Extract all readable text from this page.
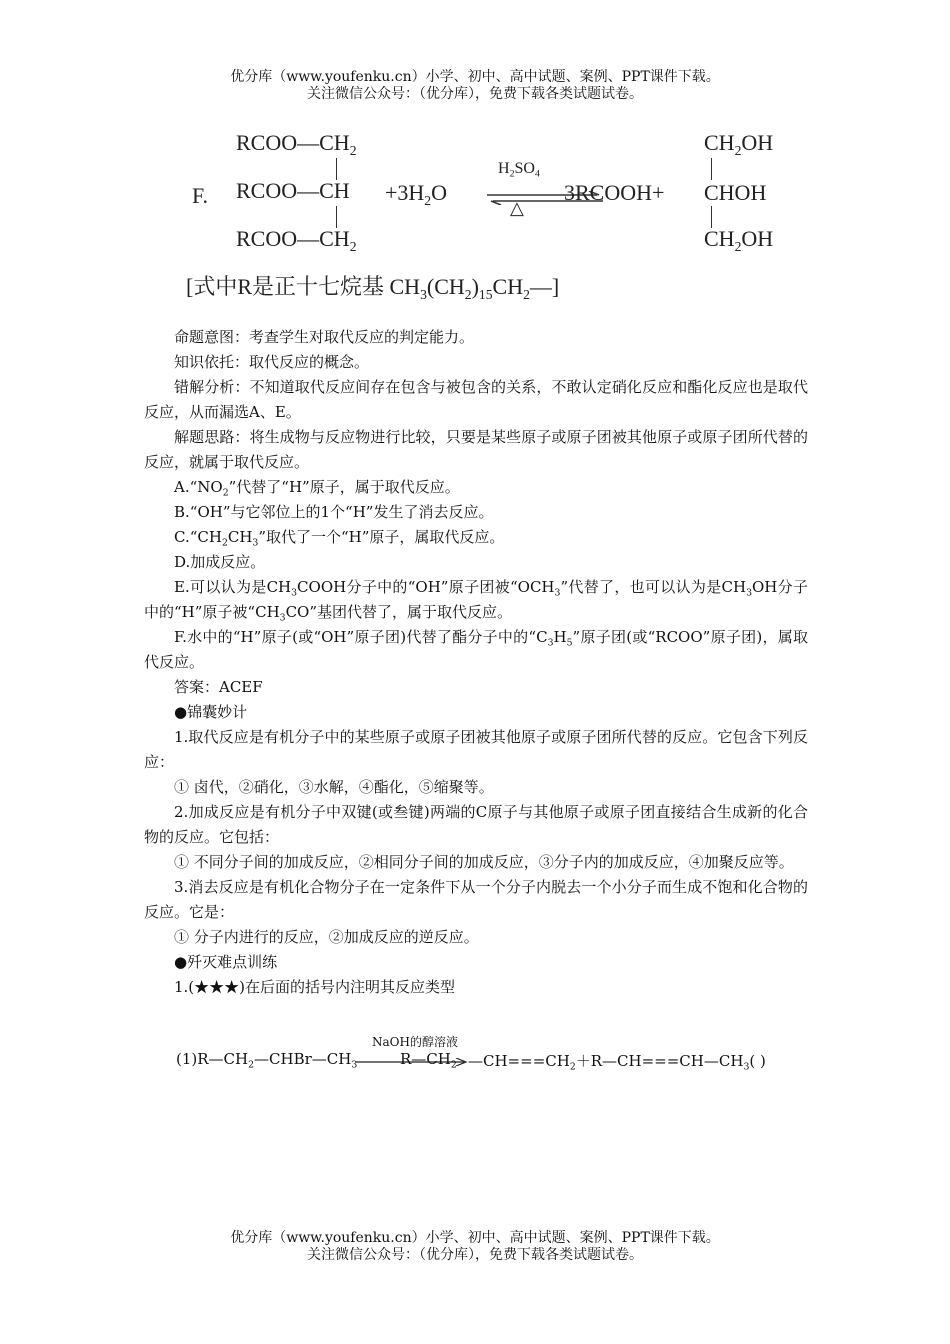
优分库（www.youfenku.cn）小学、初中、高中试题、案例、PPT课件下载。
关注微信公众号：（优分库），免费下载各类试题试卷。
F.
$RCOO—CH_2$
RCOO—CH
$RCOO—CH_2$
$+3H_2O$
$H_2SO_4$
△
3RCOOH+
$CH_2OH$
CHOH
$CH_2OH$
[式中R是正十七烷基 $CH_3(CH_2)_{15}CH_2—$]

命题意图：考查学生对取代反应的判定能力。

知识依托：取代反应的概念。

错解分析：不知道取代反应间存在包含与被包含的关系，不敢认定硝化反应和酯化反应也是取代反应，从而漏选A、E。

解题思路：将生成物与反应物进行比较，只要是某些原子或原子团被其他原子或原子团所代替的反应，就属于取代反应。

$A.“NO_2$”代替了“H”原子，属于取代反应。

B.“OH”与它邻位上的1个“H”发生了消去反应。

$C.“CH_2CH_3$”取代了一个“H”原子，属取代反应。

D.加成反应。

E.可以认为是$CH_3COOH$分子中的“OH”原子团被“$OCH_3$”代替了，也可以认为是$CH_3OH$分子中的“H”原子被“$CH_3CO$”基团代替了，属于取代反应。

F.水中的“H”原子(或“OH”原子团)代替了酯分子中的“$C_3H_5$”原子团(或“RCOO”原子团)，属取代反应。

答案：ACEF

●锦囊妙计

1.取代反应是有机分子中的某些原子或原子团被其他原子或原子团所代替的反应。它包含下列反应：

① 卤代，②硝化，③水解，④酯化，⑤缩聚等。

2.加成反应是有机分子中双键(或叁键)两端的C原子与其他原子或原子团直接结合生成新的化合物的反应。它包括：

① 不同分子间的加成反应，②相同分子间的加成反应，③分子内的加成反应，④加聚反应等。

3.消去反应是有机化合物分子在一定条件下从一个分子内脱去一个小分子而生成不饱和化合物的反应。它是：

① 分子内进行的反应，②加成反应的逆反应。

●歼灭难点训练

1.(★★★)在后面的括号内注明其反应类型

NaOH的醇溶液
$(1)R—CH_2—CHBr—CH_3$	$R—CH_2$ $—CH===CH_2+R—CH===CH—CH_3$( )
优分库（www.youfenku.cn）小学、初中、高中试题、案例、PPT课件下载。
关注微信公众号：（优分库），免费下载各类试题试卷。
